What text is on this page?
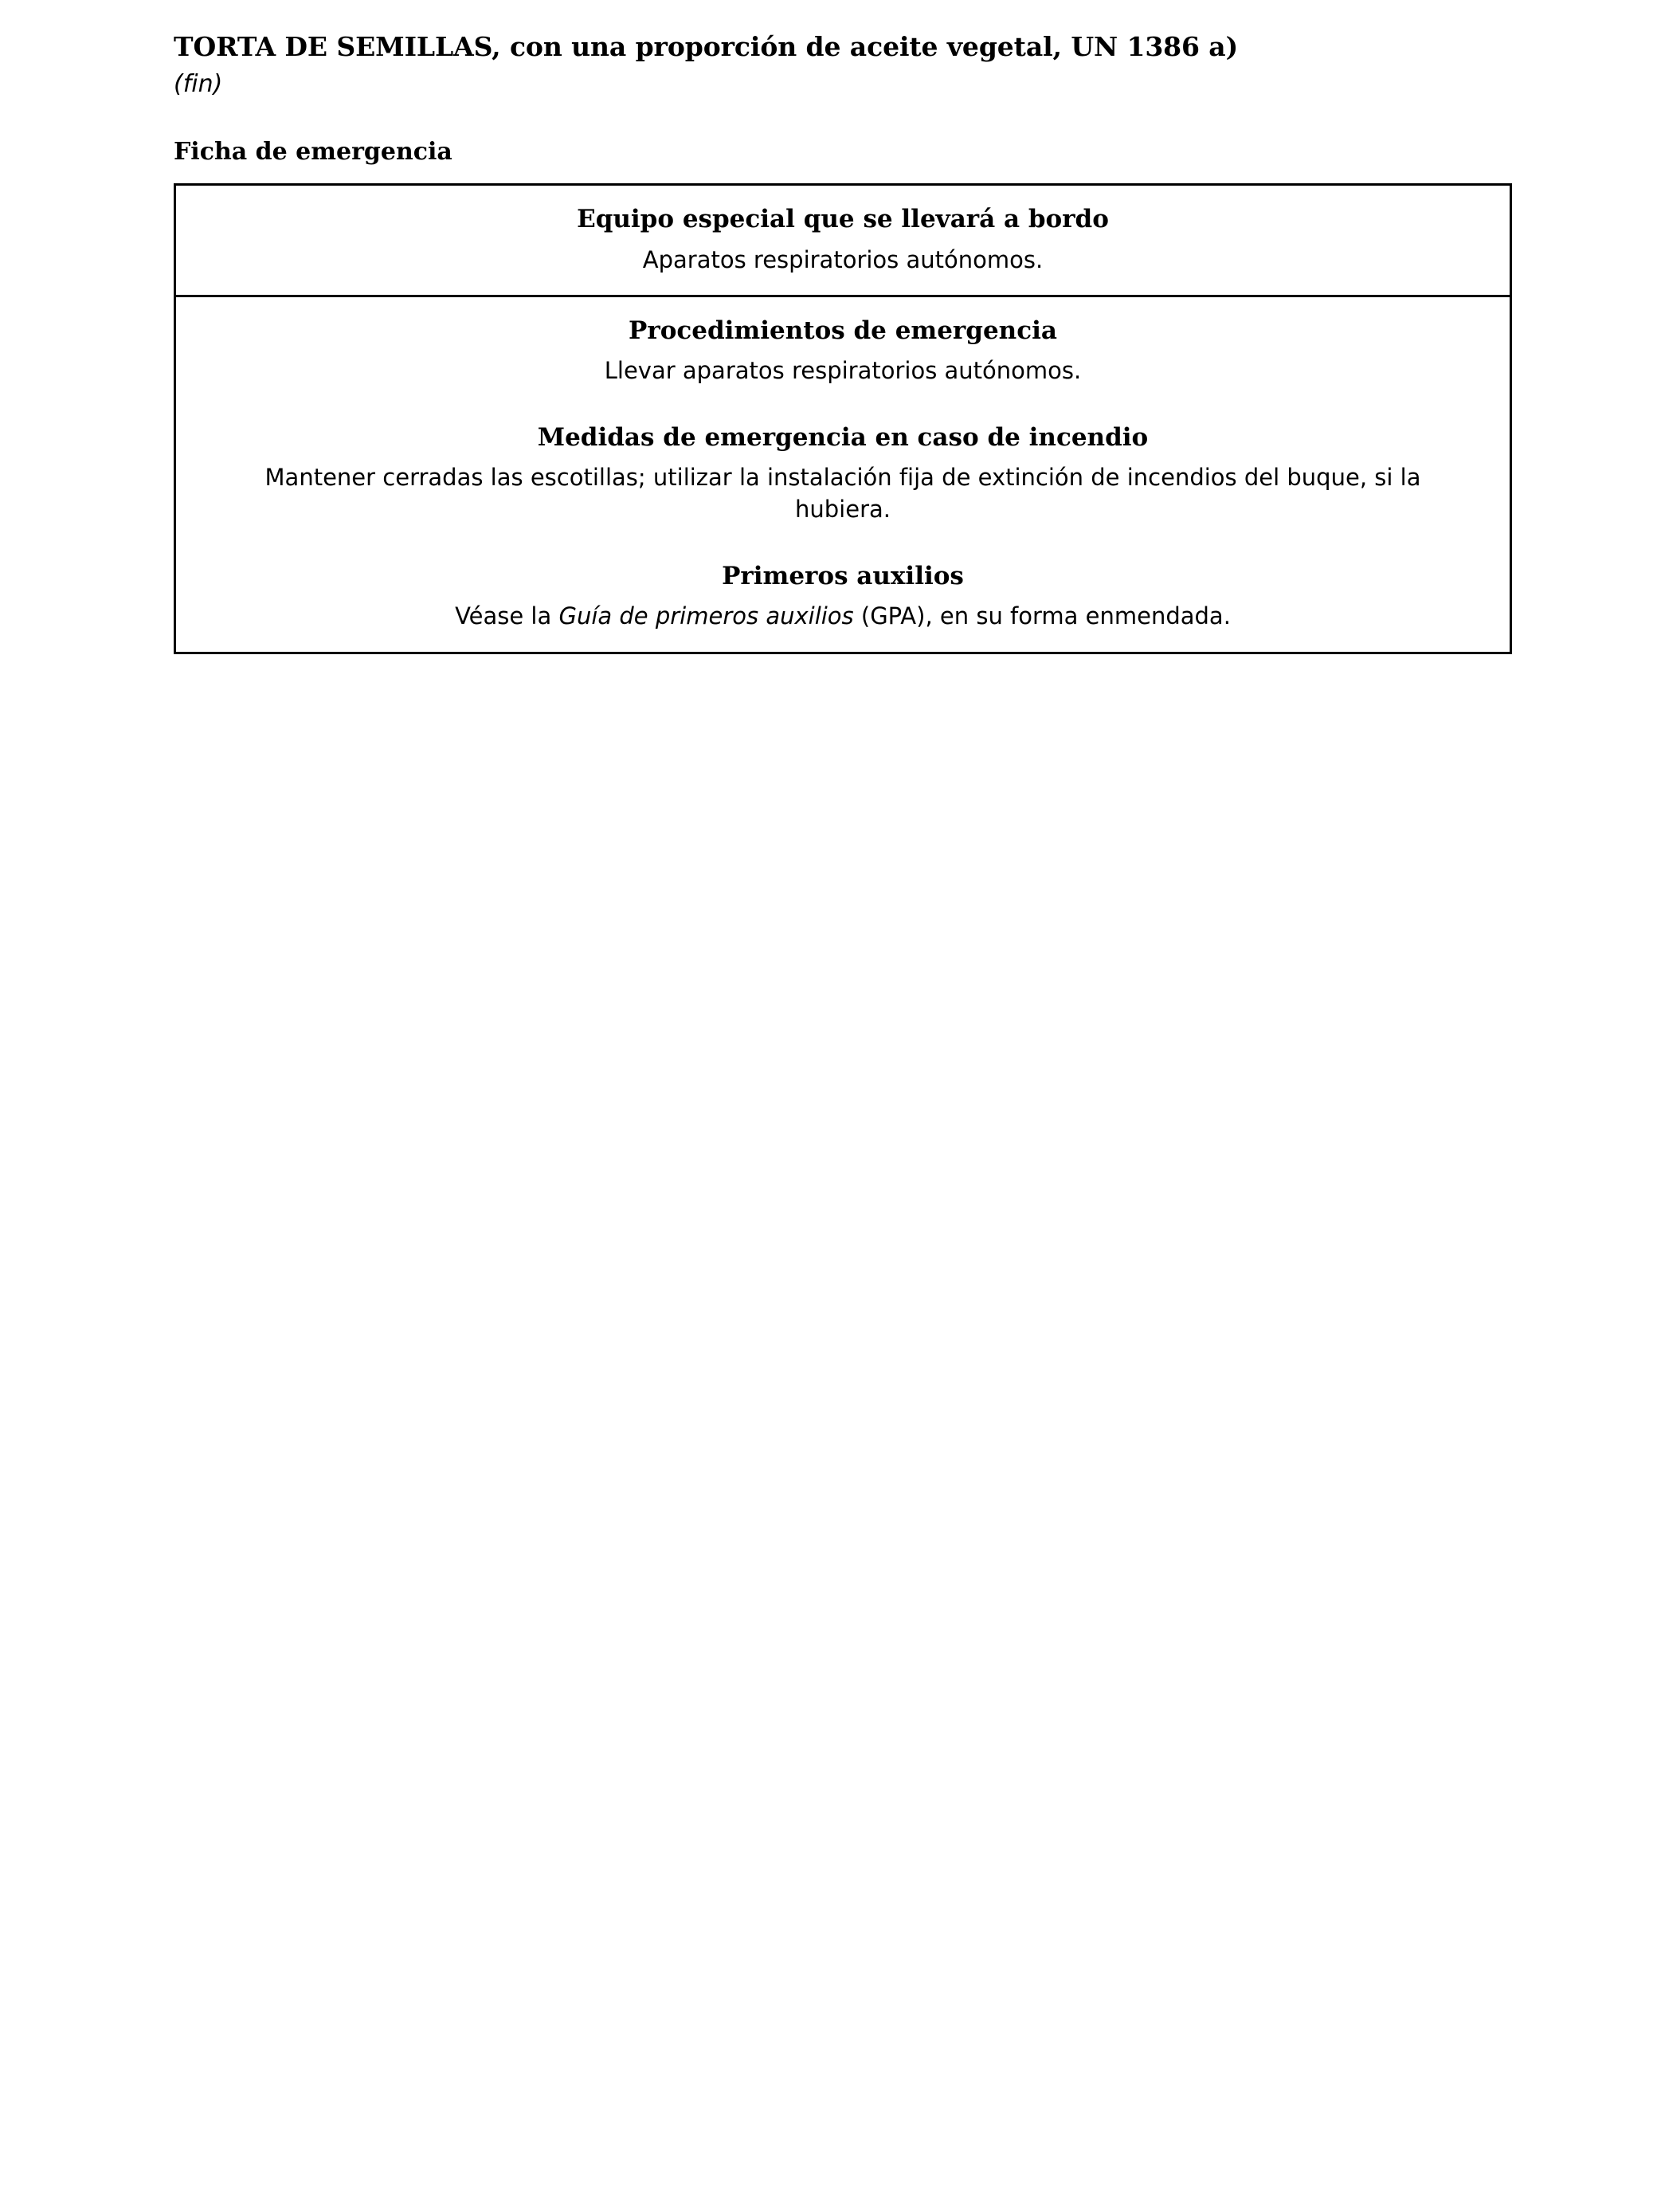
TORTA DE SEMILLAS, con una proporción de aceite vegetal, UN 1386 a)

(fin)

Ficha de emergencia

Equipo especial que se llevará a bordo
Aparatos respiratorios autónomos.
Procedimientos de emergencia
Llevar aparatos respiratorios autónomos.
Medidas de emergencia en caso de incendio
Mantener cerradas las escotillas; utilizar la instalación fija de extinción de incendios del buque, si la hubiera.
Primeros auxilios
Véase la Guía de primeros auxilios (GPA), en su forma enmendada.
